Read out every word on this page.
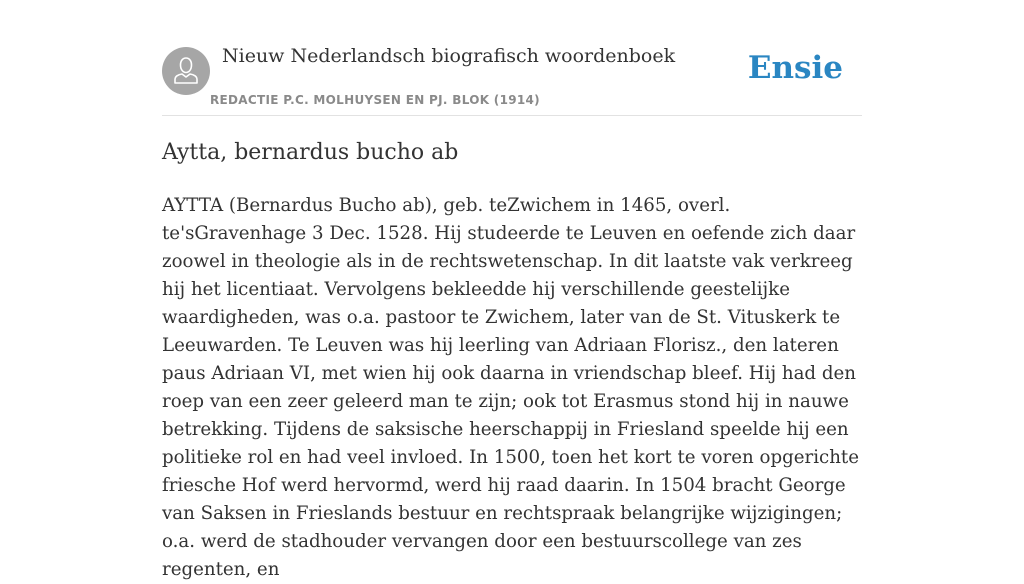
Nieuw Nederlandsch biografisch woordenboek
REDACTIE P.C. MOLHUYSEN EN PJ. BLOK (1914)
Ensie
Aytta, bernardus bucho ab

AYTTA (Bernardus Bucho ab), geb. teZwichem in 1465, overl. te'sGravenhage 3 Dec. 1528. Hij studeerde te Leuven en oefende zich daar zoowel in theologie als in de rechtswetenschap. In dit laatste vak verkreeg hij het licentiaat. Vervolgens bekleedde hij verschillende geestelijke waardigheden, was o.a. pastoor te Zwichem, later van de St. Vituskerk te Leeuwarden. Te Leuven was hij leerling van Adriaan Florisz., den lateren paus Adriaan VI, met wien hij ook daarna in vriendschap bleef. Hij had den roep van een zeer geleerd man te zijn; ook tot Erasmus stond hij in nauwe betrekking. Tijdens de saksische heerschappij in Friesland speelde hij een politieke rol en had veel invloed. In 1500, toen het kort te voren opgerichte friesche Hof werd hervormd, werd hij raad daarin. In 1504 bracht George van Saksen in Frieslands bestuur en rechtspraak belangrijke wijzigingen; o.a. werd de stadhouder vervangen door een bestuurscollege van zes regenten, en
